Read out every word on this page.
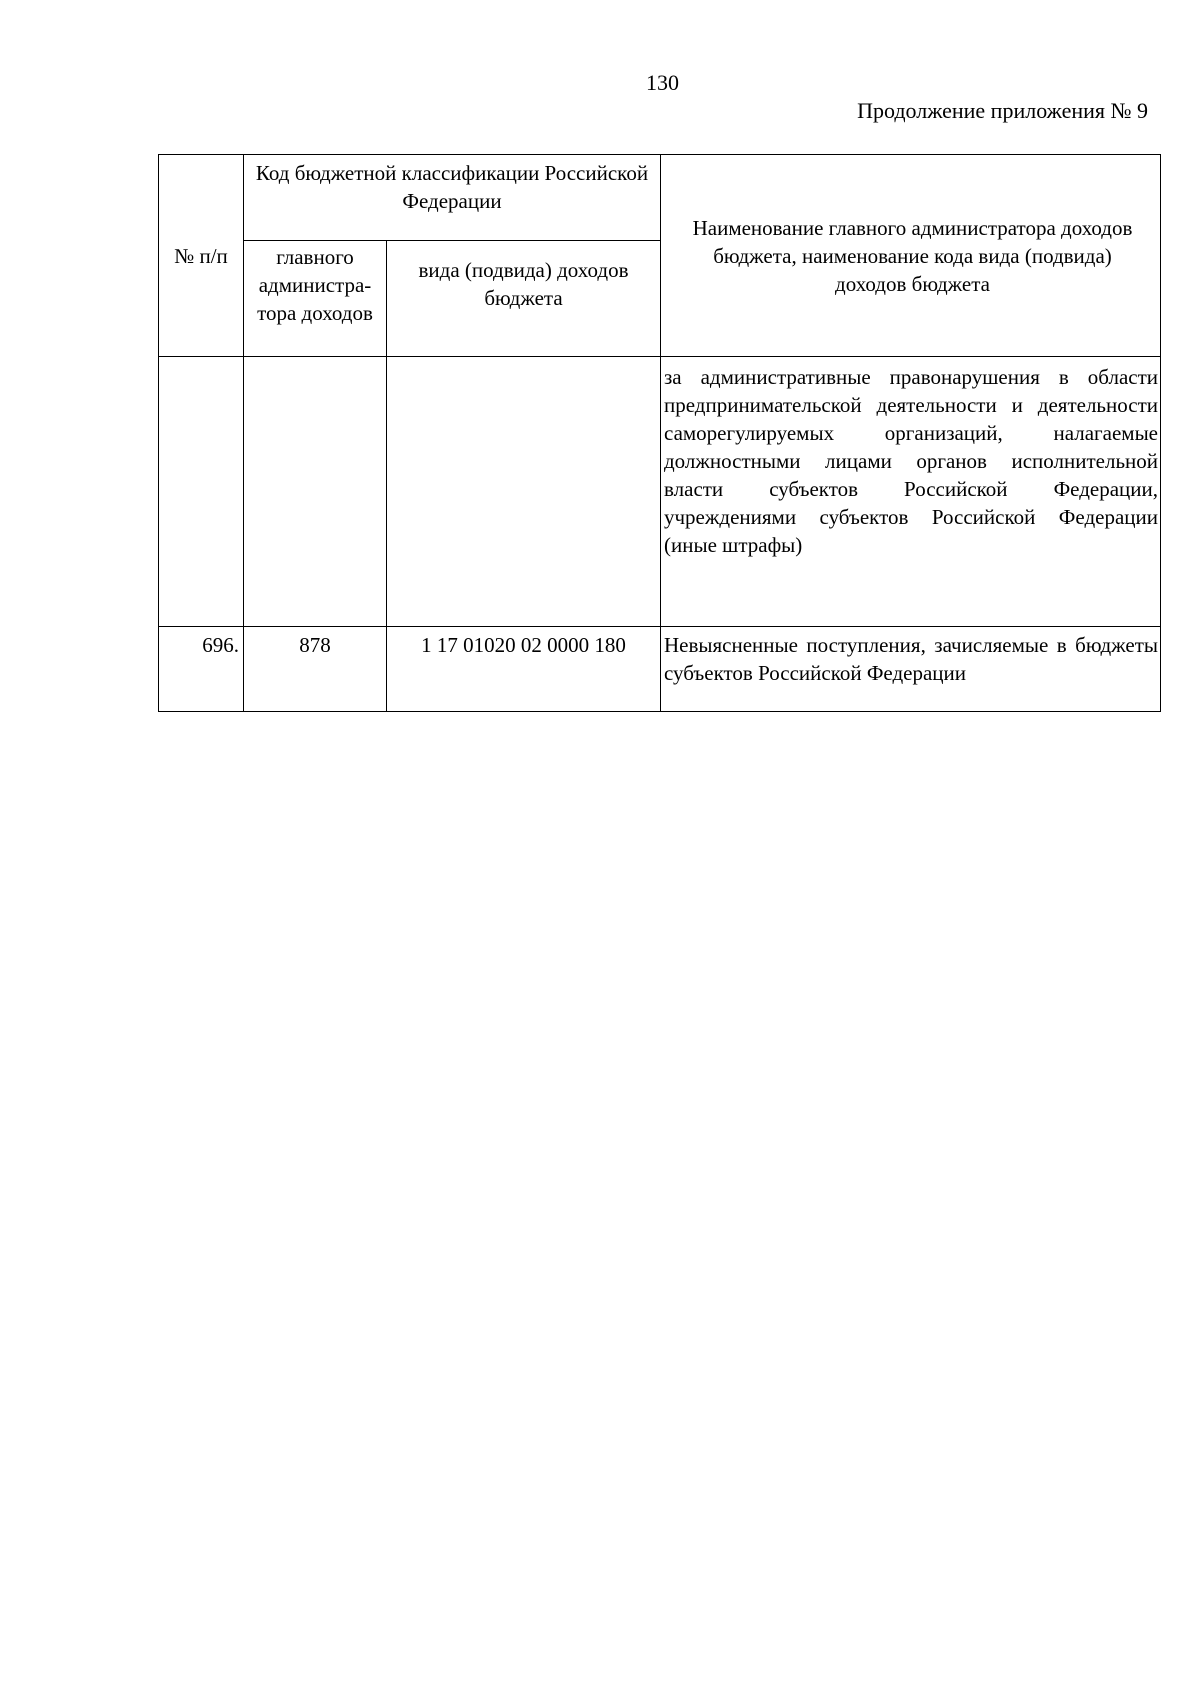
130
Продолжение приложения № 9
№ п/п	Код бюджетной классификации Российской Федерации		Наименование главного администратора доходов бюджета, наименование кода вида (подвида) доходов бюджета
	главного администра-тора доходов	вида (подвида) доходов бюджета	
			за административные правонарушения в области предпринимательской деятельности и деятельности саморегулируемых организаций, налагаемые должностными лицами органов исполнительной власти субъектов Российской Федерации, учреждениями субъектов Российской Федерации (иные штрафы)
696.	878	1 17 01020 02 0000 180	Невыясненные поступления, зачисляемые в бюджеты субъектов Российской Федерации
